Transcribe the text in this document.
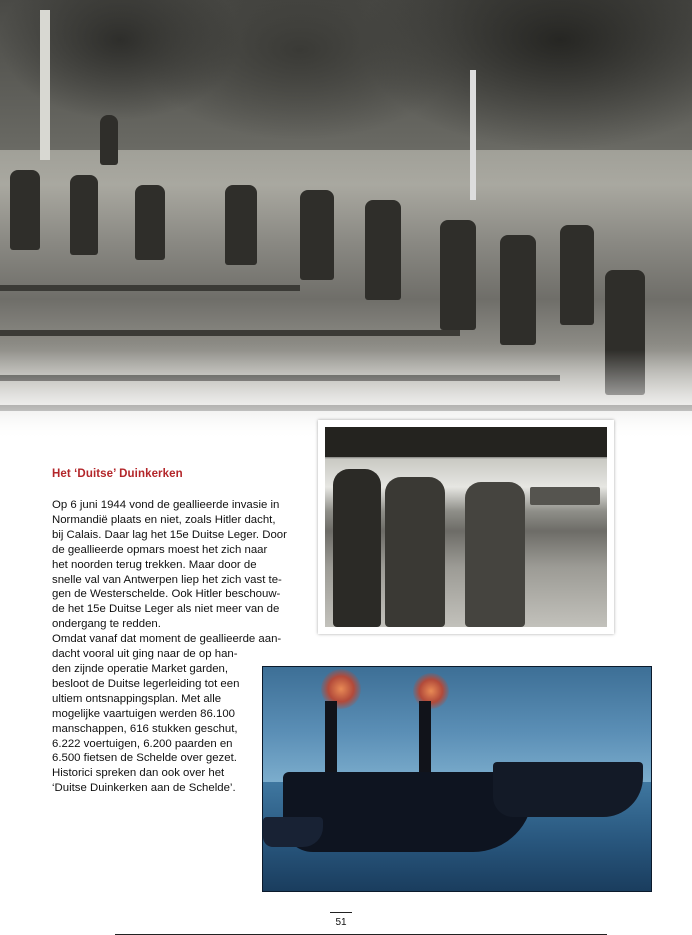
Het ‘Duitse’ Duinkerken
Op 6 juni 1944 vond de geallieerde invasie in
Normandië plaats en niet, zoals Hitler dacht,
bij Calais. Daar lag het 15e Duitse Leger. Door
de geallieerde opmars moest het zich naar
het noorden terug trekken. Maar door de
snelle val van Antwerpen liep het zich vast te-
gen de Westerschelde. Ook Hitler beschouw-
de het 15e Duitse Leger als niet meer van de
ondergang te redden.
Omdat vanaf dat moment de geallieerde aan-
dacht vooral uit ging naar de op han-
den zijnde operatie Market garden,
besloot de Duitse legerleiding tot een
ultiem ontsnappingsplan. Met alle
mogelijke vaartuigen werden 86.100
manschappen, 616 stukken geschut,
6.222 voertuigen, 6.200 paarden en
6.500 fietsen de Schelde over gezet.
Historici spreken dan ook over het
‘Duitse Duinkerken aan de Schelde’.
51
